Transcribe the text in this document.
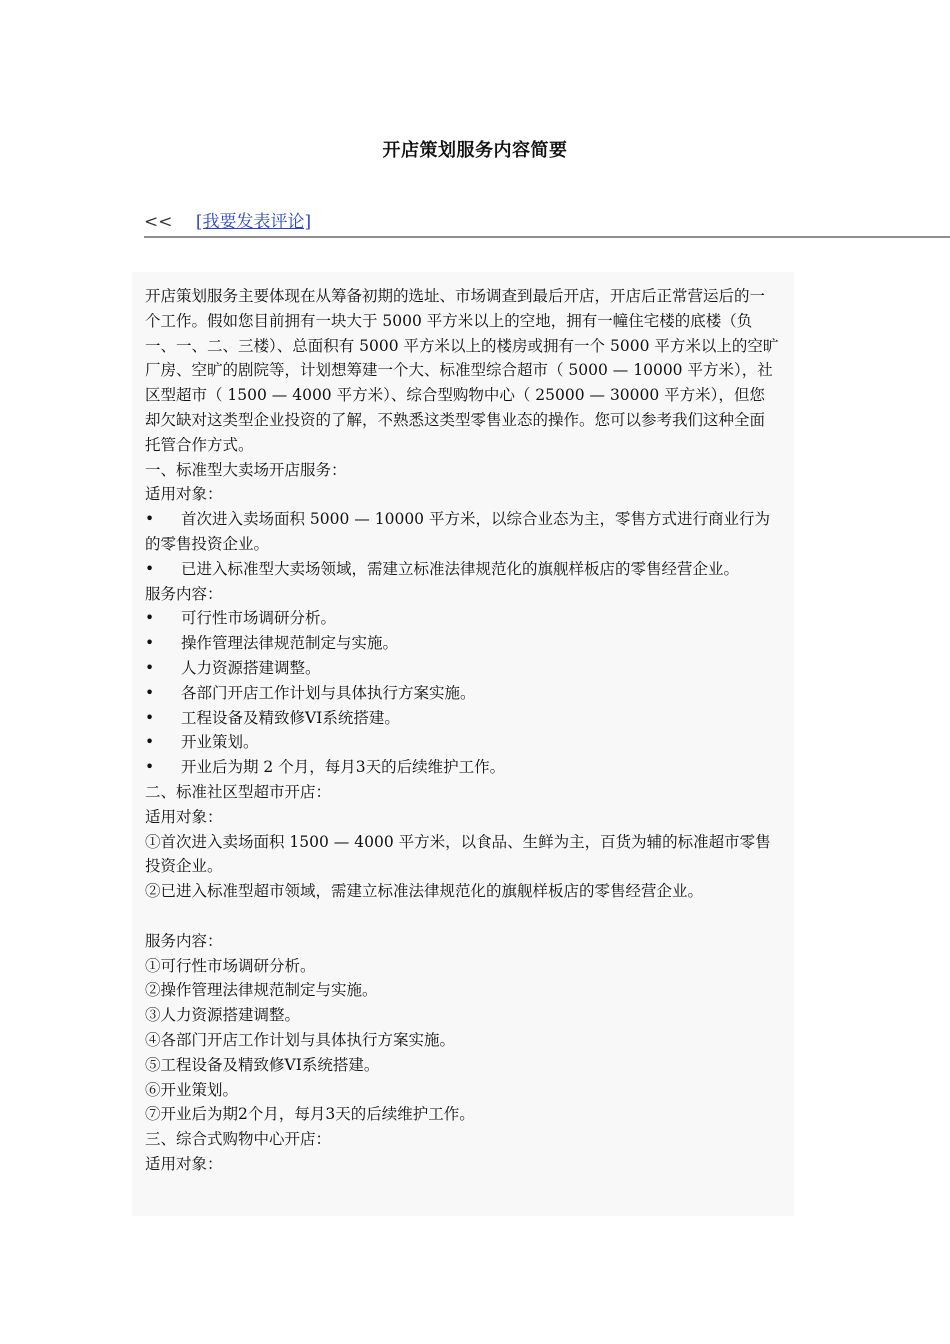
开店策划服务内容简要
<< [我要发表评论]

开店策划服务主要体现在从筹备初期的选址、市场调查到最后开店，开店后正常营运后的一个工作。假如您目前拥有一块大于 5000 平方米以上的空地，拥有一幢住宅楼的底楼（负一、一、二、三楼）、总面积有 5000 平方米以上的楼房或拥有一个 5000 平方米以上的空旷厂房、空旷的剧院等，计划想筹建一个大、标准型综合超市（ 5000 — 10000 平方米），社区型超市（ 1500 — 4000 平方米）、综合型购物中心（ 25000 — 30000 平方米），但您却欠缺对这类型企业投资的了解，不熟悉这类型零售业态的操作。您可以参考我们这种全面托管合作方式。

一、标准型大卖场开店服务：

适用对象：

• 首次进入卖场面积 5000 — 10000 平方米，以综合业态为主，零售方式进行商业行为的零售投资企业。

• 已进入标准型大卖场领域，需建立标准法律规范化的旗舰样板店的零售经营企业。

服务内容：

• 可行性市场调研分析。

• 操作管理法律规范制定与实施。

• 人力资源搭建调整。

• 各部门开店工作计划与具体执行方案实施。

• 工程设备及精致修VI系统搭建。

• 开业策划。

• 开业后为期 2 个月，每月3天的后续维护工作。

二、标准社区型超市开店：

适用对象：

①首次进入卖场面积 1500 — 4000 平方米，以食品、生鲜为主，百货为辅的标准超市零售投资企业。

②已进入标准型超市领域，需建立标准法律规范化的旗舰样板店的零售经营企业。

服务内容：

①可行性市场调研分析。

②操作管理法律规范制定与实施。

③人力资源搭建调整。

④各部门开店工作计划与具体执行方案实施。

⑤工程设备及精致修VI系统搭建。

⑥开业策划。

⑦开业后为期2个月，每月3天的后续维护工作。

三、综合式购物中心开店：

适用对象：
